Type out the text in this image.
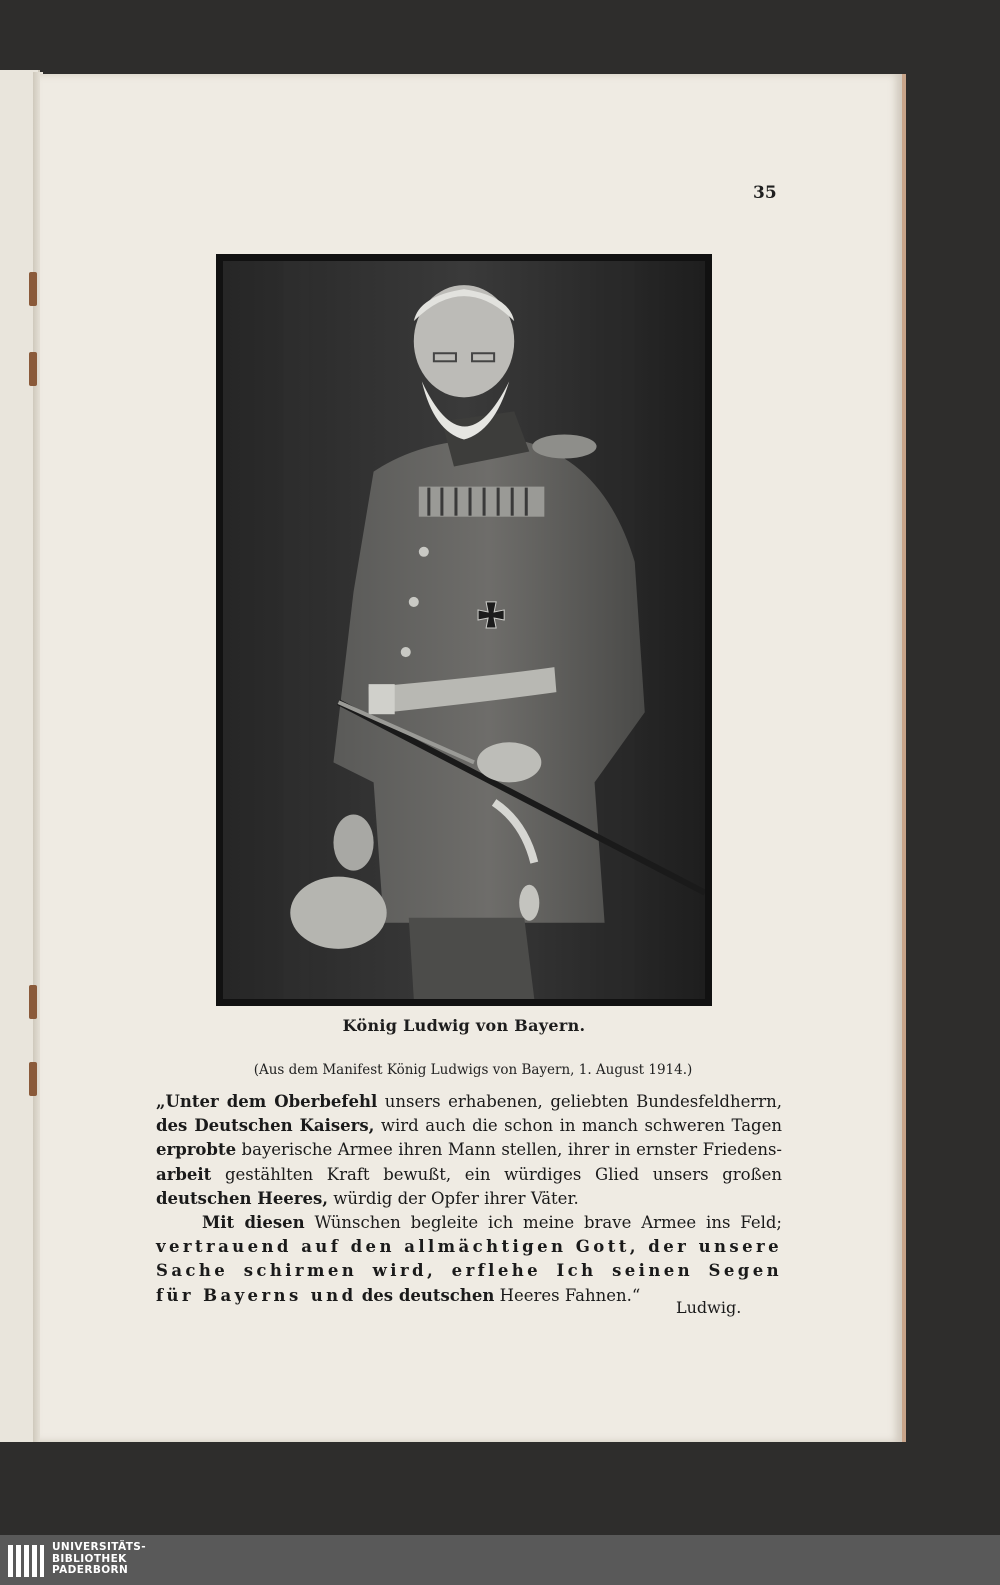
35
König Ludwig von Bayern.
(Aus dem Manifest König Ludwigs von Bayern, 1. August 1914.)

„Unter dem Oberbefehl unsers erhabenen, geliebten Bundesfeldherrn, des Deutschen Kaisers, wird auch die schon in manch schweren Tagen erprobte bayerische Armee ihren Mann stellen, ihrer in ernster Friedens-arbeit gestählten Kraft bewußt, ein würdiges Glied unsers großen deutschen Heeres, würdig der Opfer ihrer Väter.

Mit diesen Wünschen begleite ich meine brave Armee ins Feld; vertrauend auf den allmächtigen Gott, der unsere Sache schirmen wird, erflehe Ich seinen Segen für Bayerns und des deutschen Heeres Fahnen.“

Ludwig.
UNIVERSITÄTS-
BIBLIOTHEK
PADERBORN
